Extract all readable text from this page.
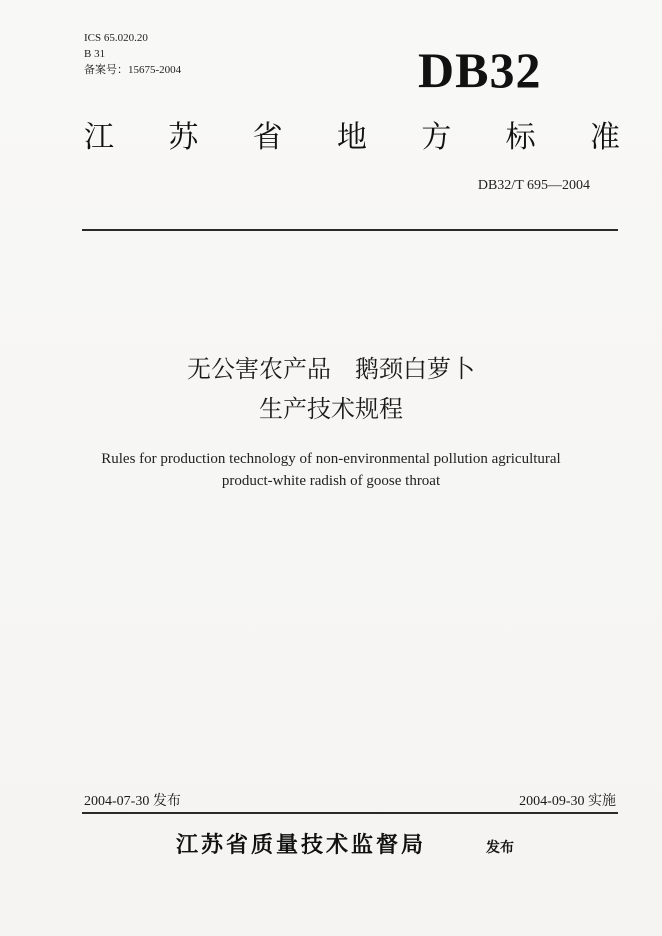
ICS 65.020.20
B 31
备案号：15675-2004	DB32
江 苏 省 地 方 标 准
DB32/T 695—2004
无公害农产品　鹅颈白萝卜
生产技术规程
Rules for production technology of non-environmental pollution agricultural
product-white radish of goose throat
2004-07-30 发布	2004-09-30 实施
江苏省质量技术监督局	发布
